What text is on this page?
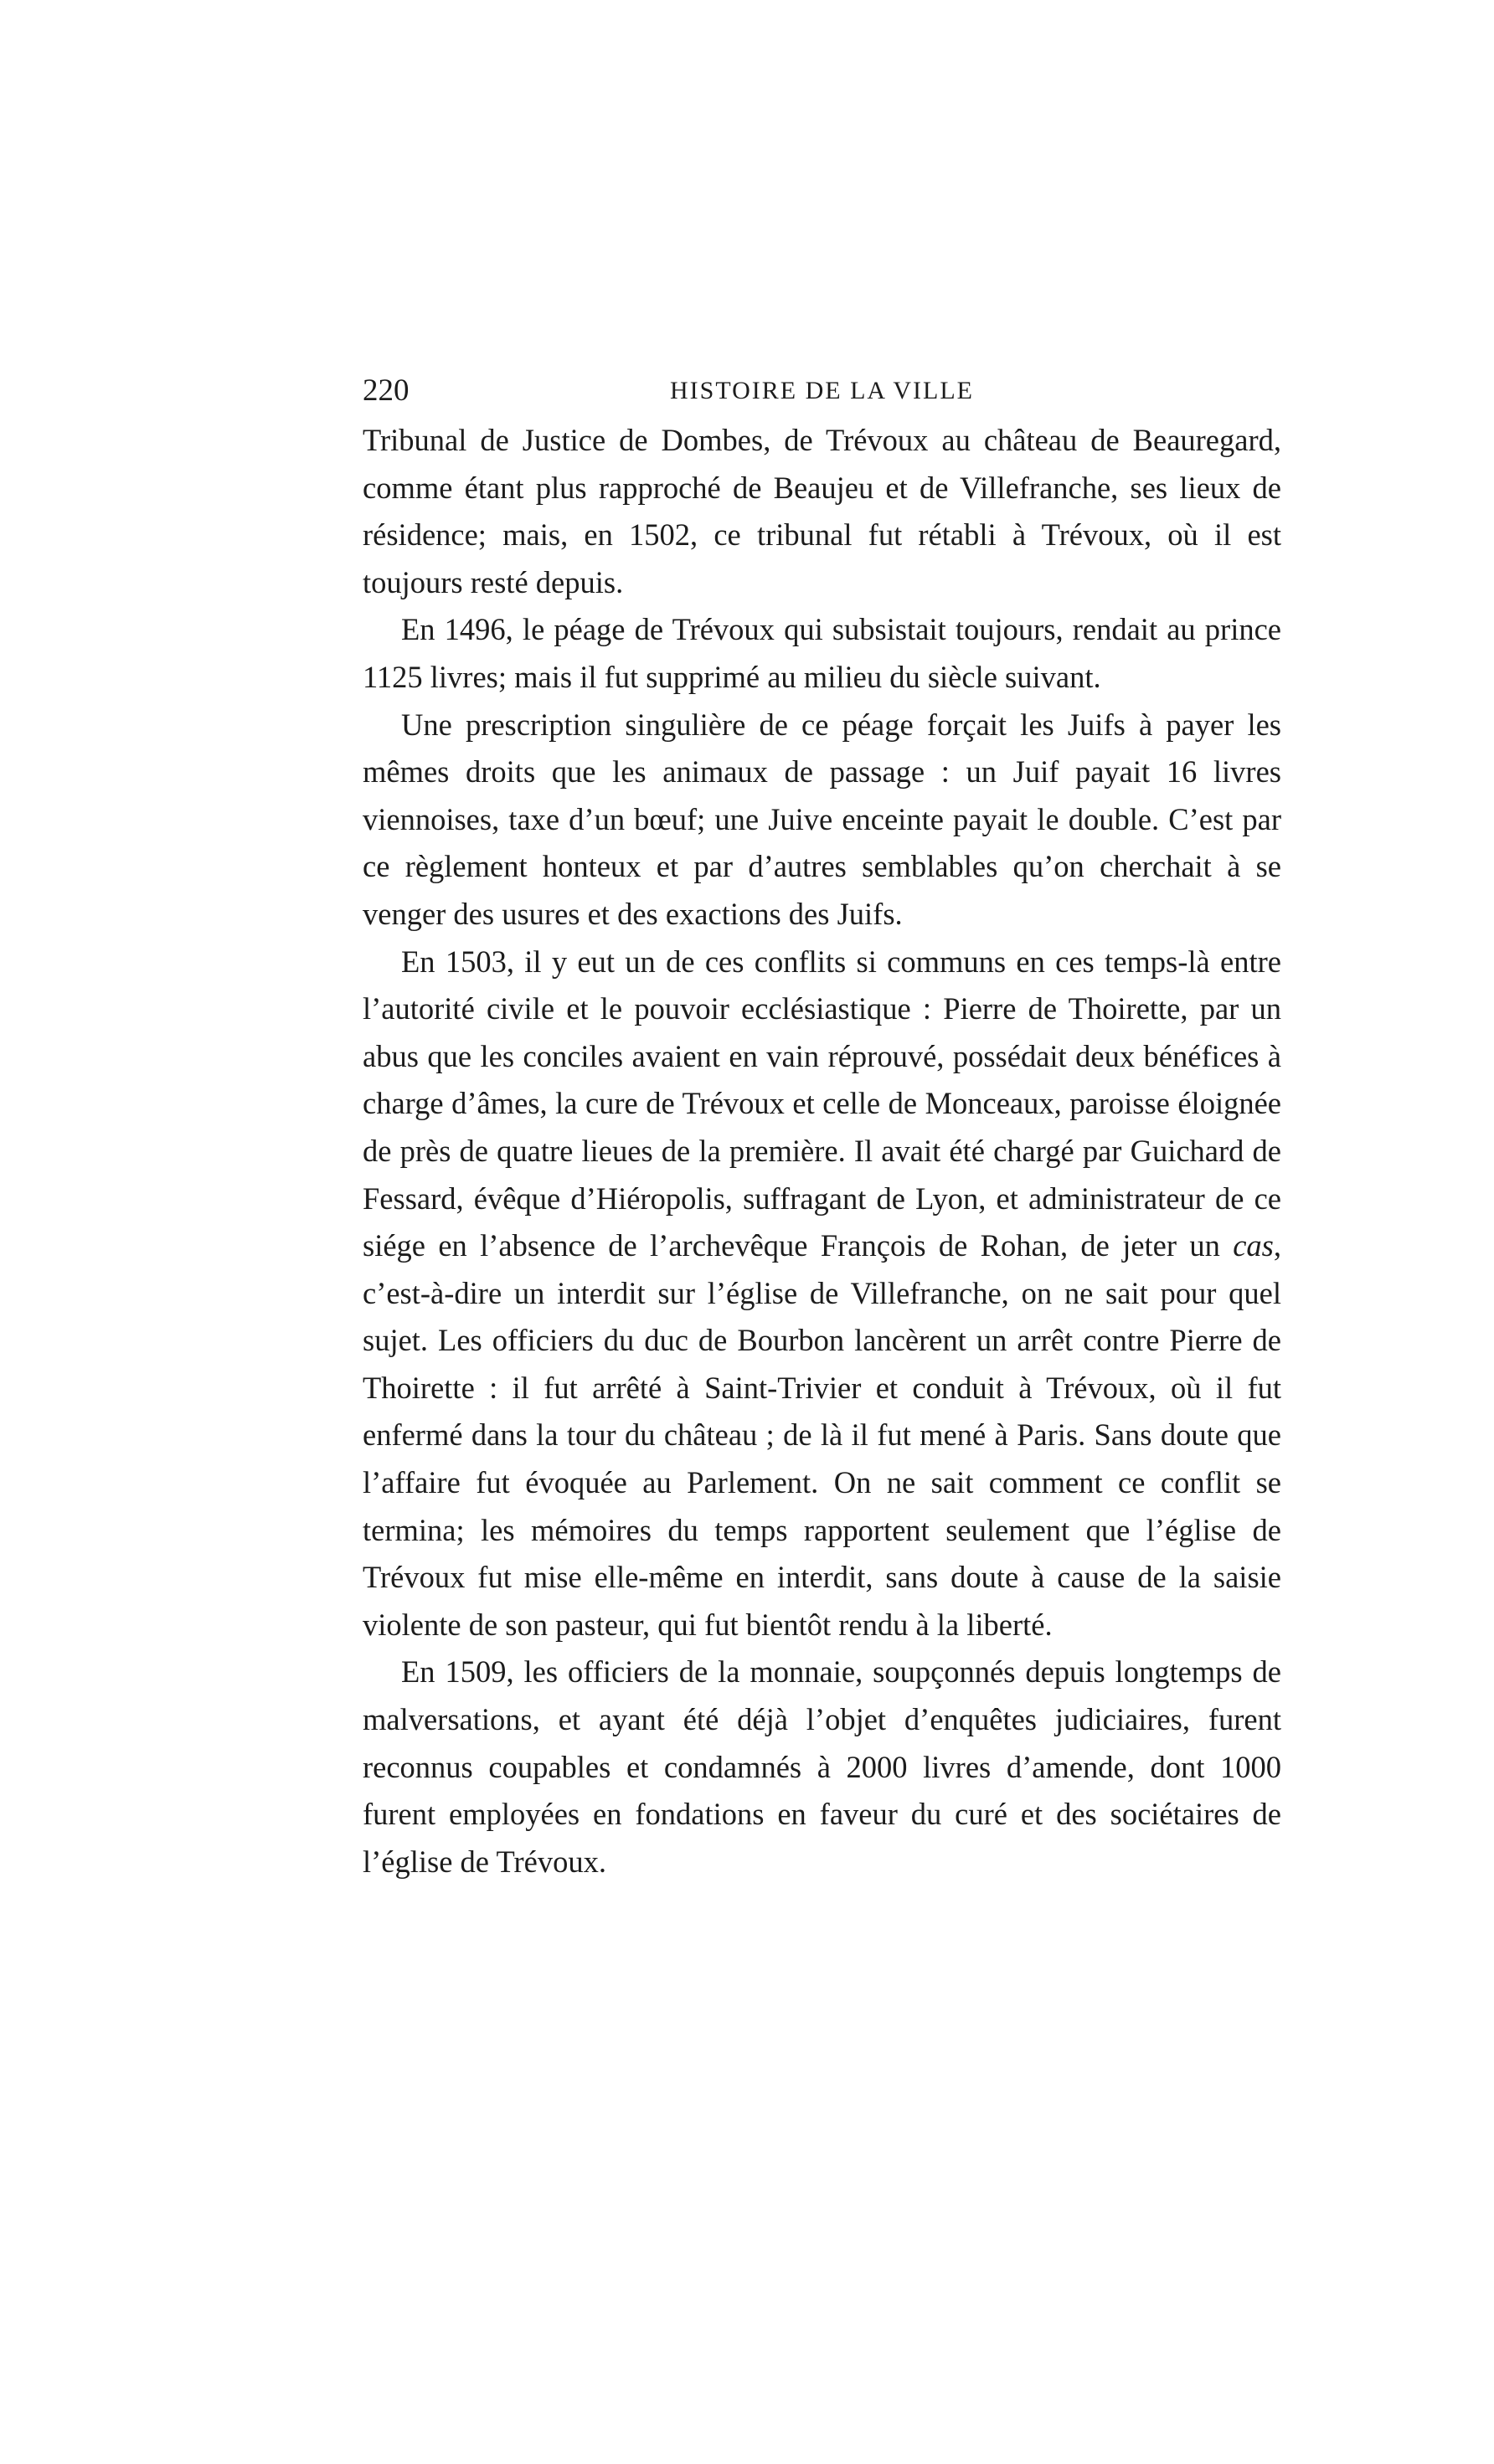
220	HISTOIRE DE LA VILLE

Tribunal de Justice de Dombes, de Trévoux au château de Beauregard, comme étant plus rapproché de Beaujeu et de Villefranche, ses lieux de résidence; mais, en 1502, ce tribunal fut rétabli à Trévoux, où il est toujours resté depuis.

En 1496, le péage de Trévoux qui subsistait toujours, rendait au prince 1125 livres; mais il fut supprimé au milieu du siècle suivant.

Une prescription singulière de ce péage forçait les Juifs à payer les mêmes droits que les animaux de passage : un Juif payait 16 livres viennoises, taxe d’un bœuf; une Juive enceinte payait le double. C’est par ce règlement honteux et par d’autres semblables qu’on cherchait à se venger des usures et des exactions des Juifs.

En 1503, il y eut un de ces conflits si communs en ces temps-là entre l’autorité civile et le pouvoir ecclésiastique : Pierre de Thoirette, par un abus que les conciles avaient en vain réprouvé, possédait deux bénéfices à charge d’âmes, la cure de Trévoux et celle de Monceaux, paroisse éloignée de près de quatre lieues de la première. Il avait été chargé par Guichard de Fessard, évêque d’Hiéropolis, suffragant de Lyon, et administrateur de ce siége en l’absence de l’archevêque François de Rohan, de jeter un cas, c’est-à-dire un interdit sur l’église de Villefranche, on ne sait pour quel sujet. Les officiers du duc de Bourbon lancèrent un arrêt contre Pierre de Thoirette : il fut arrêté à Saint-Trivier et conduit à Trévoux, où il fut enfermé dans la tour du château ; de là il fut mené à Paris. Sans doute que l’affaire fut évoquée au Parlement. On ne sait comment ce conflit se termina; les mémoires du temps rapportent seulement que l’église de Trévoux fut mise elle-même en interdit, sans doute à cause de la saisie violente de son pasteur, qui fut bientôt rendu à la liberté.

En 1509, les officiers de la monnaie, soupçonnés depuis longtemps de malversations, et ayant été déjà l’objet d’enquêtes judiciaires, furent reconnus coupables et condamnés à 2000 livres d’amende, dont 1000 furent employées en fondations en faveur du curé et des sociétaires de l’église de Trévoux.
